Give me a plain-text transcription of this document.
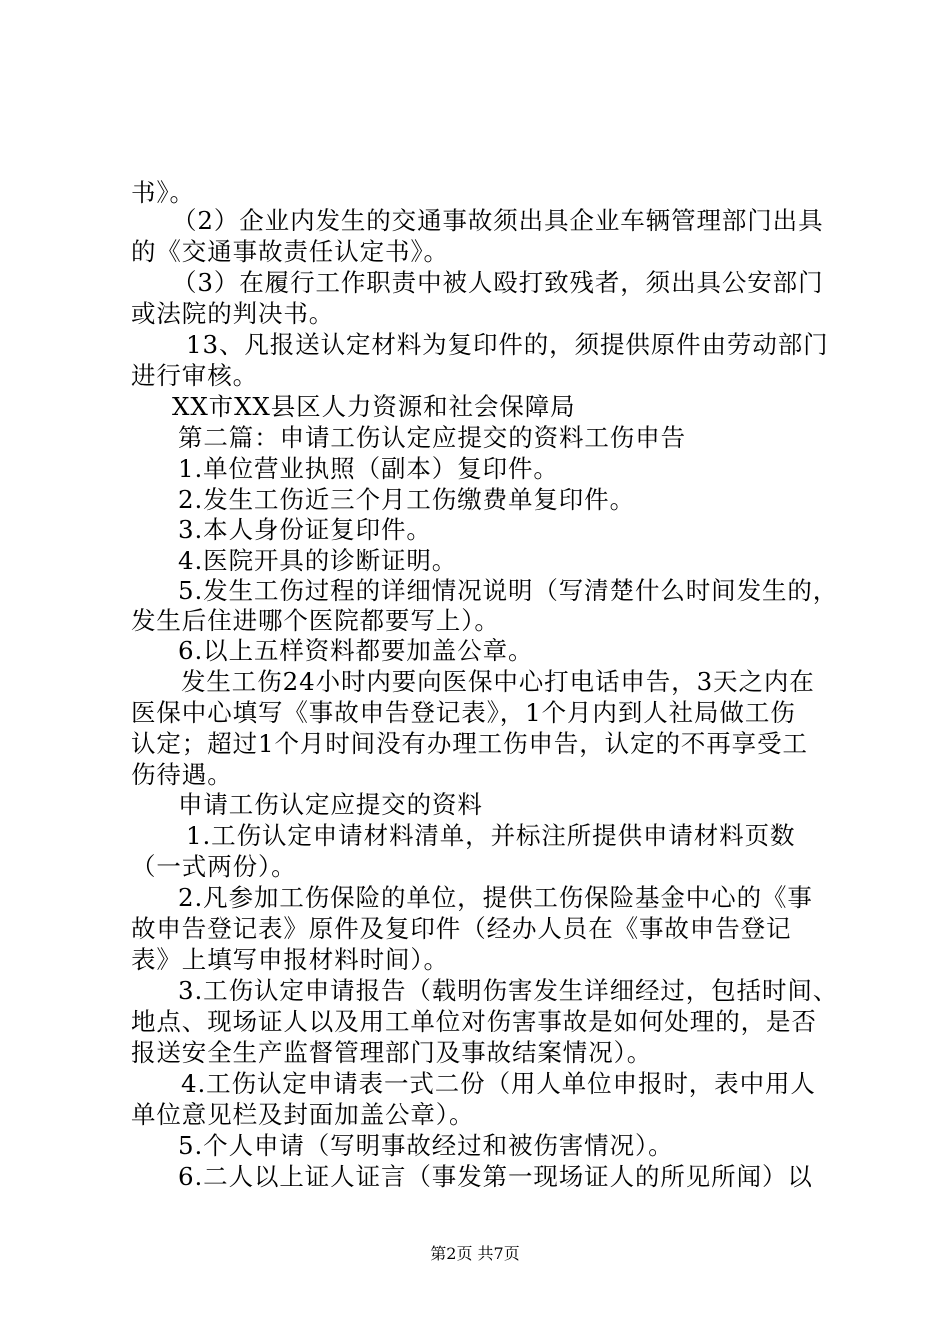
书》。
（2）企业内发生的交通事故须出具企业车辆管理部门出具
的《交通事故责任认定书》。
（3）在履行工作职责中被人殴打致残者，须出具公安部门
或法院的判决书。
13、凡报送认定材料为复印件的，须提供原件由劳动部门
进行审核。
XX市XX县区人力资源和社会保障局
第二篇：申请工伤认定应提交的资料工伤申告
1.单位营业执照（副本）复印件。
2.发生工伤近三个月工伤缴费单复印件。
3.本人身份证复印件。
4.医院开具的诊断证明。
5.发生工伤过程的详细情况说明（写清楚什么时间发生的，
发生后住进哪个医院都要写上）。
6.以上五样资料都要加盖公章。
发生工伤24小时内要向医保中心打电话申告，3天之内在
医保中心填写《事故申告登记表》，1个月内到人社局做工伤
认定；超过1个月时间没有办理工伤申告，认定的不再享受工
伤待遇。
申请工伤认定应提交的资料
1.工伤认定申请材料清单，并标注所提供申请材料页数
（一式两份）。
2.凡参加工伤保险的单位，提供工伤保险基金中心的《事
故申告登记表》原件及复印件（经办人员在《事故申告登记
表》上填写申报材料时间）。
3.工伤认定申请报告（载明伤害发生详细经过，包括时间、
地点、现场证人以及用工单位对伤害事故是如何处理的，是否
报送安全生产监督管理部门及事故结案情况）。
4.工伤认定申请表一式二份（用人单位申报时，表中用人
单位意见栏及封面加盖公章）。
5.个人申请（写明事故经过和被伤害情况）。
6.二人以上证人证言（事发第一现场证人的所见所闻）以
第2页 共7页
